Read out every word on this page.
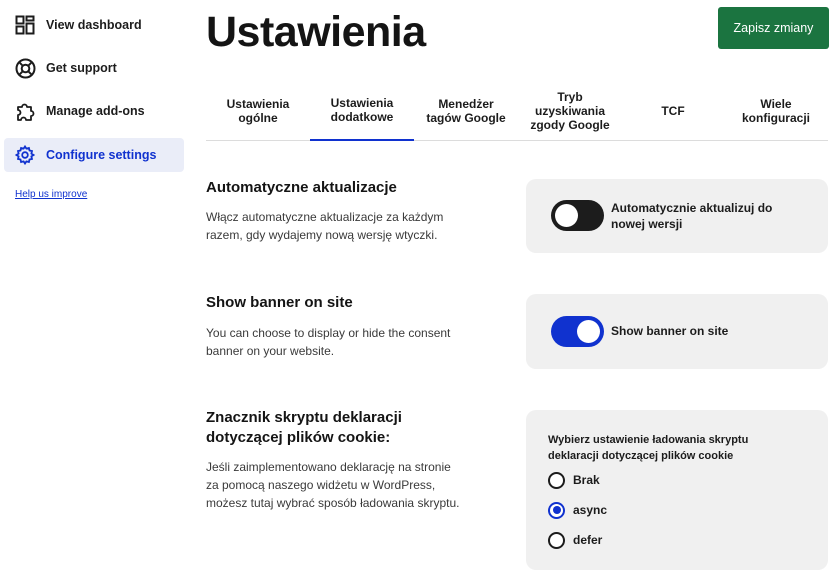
View dashboard
Get support
Manage add-ons
Configure settings
Help us improve
Ustawienia	Zapisz zmiany
Ustawienia
ogólne
Ustawienia
dodatkowe
Menedżer
tagów Google
Tryb
uzyskiwania
zgody Google
TCF	Wiele
konfiguracji
Automatyczne aktualizacje

Włącz automatyczne aktualizacje za każdym
razem, gdy wydajemy nową wersję wtyczki.

Automatycznie aktualizuj do
nowej wersji
Show banner on site

You can choose to display or hide the consent
banner on your website.

Show banner on site
Znacznik skryptu deklaracji
dotyczącej plików cookie:

Jeśli zaimplementowano deklarację na stronie
za pomocą naszego widżetu w WordPress,
możesz tutaj wybrać sposób ładowania skryptu.

Wybierz ustawienie ładowania skryptu
deklaracji dotyczącej plików cookie
Brak
async
defer
